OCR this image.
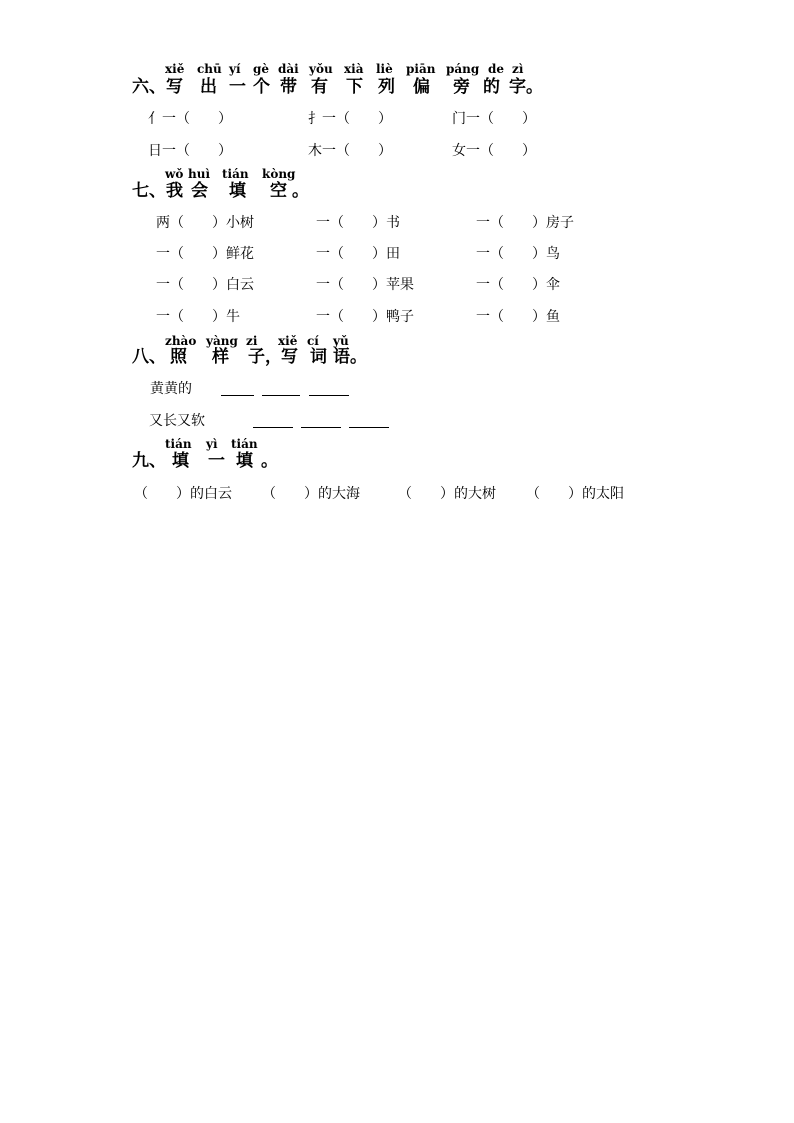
xiě chū yí gè dài yǒu xià liè piān páng de zì
六、 写 出 一 个 带 有 下 列 偏 旁 的 字。
亻一（　　）	扌一（　　）	门一（　　）
日一（　　）	木一（　　）	女一（　　）
wǒ huì tián kòng
七、 我 会 填 空 。
两（　　）小树	一（　　）书	一（　　）房子
一（　　）鲜花	一（　　）田	一（　　）鸟
一（　　）白云	一（　　）苹果	一（　　）伞
一（　　）牛	一（　　）鸭子	一（　　）鱼
zhào yàng zi xiě cí yǔ
八、 照 样 子， 写 词 语。
黄黄的
又长又软
tián yì tián
九、 填 一 填 。
（　　）的白云 （　　）的大海	（　　）的大树 （　　）的太阳
